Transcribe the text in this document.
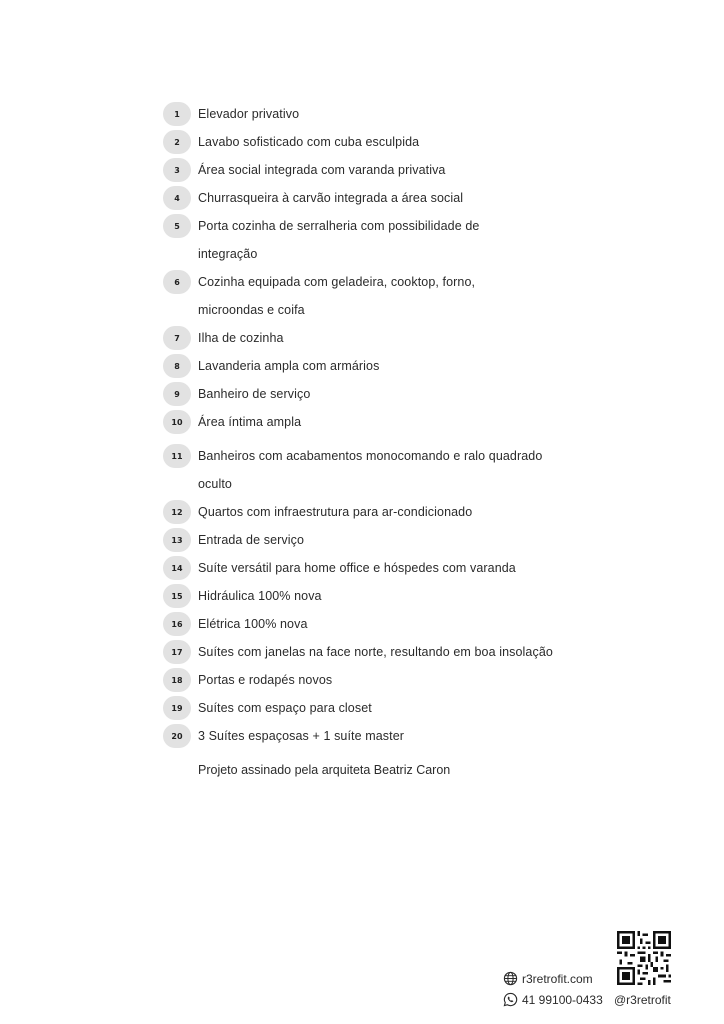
1	Elevador privativo
2	Lavabo sofisticado com cuba esculpida
3	Área social integrada com varanda privativa
4	Churrasqueira à carvão integrada a área social
5	Porta cozinha de serralheria com possibilidade de
integração
6	Cozinha equipada com geladeira, cooktop, forno,
microondas e coifa
7	Ilha de cozinha
8	Lavanderia ampla com armários
9	Banheiro de serviço
10	Área íntima ampla
11	Banheiros com acabamentos monocomando e ralo quadrado
oculto
12	Quartos com infraestrutura para ar-condicionado
13	Entrada de serviço
14	Suíte versátil para home office e hóspedes com varanda
15	Hidráulica 100% nova
16	Elétrica 100% nova
17	Suítes com janelas na face norte, resultando em boa insolação
18	Portas e rodapés novos
19	Suítes com espaço para closet
20	3 Suítes espaçosas + 1 suíte master
Projeto assinado pela arquiteta Beatriz Caron
r3retrofit.com
41 99100-0433 @r3retrofit
